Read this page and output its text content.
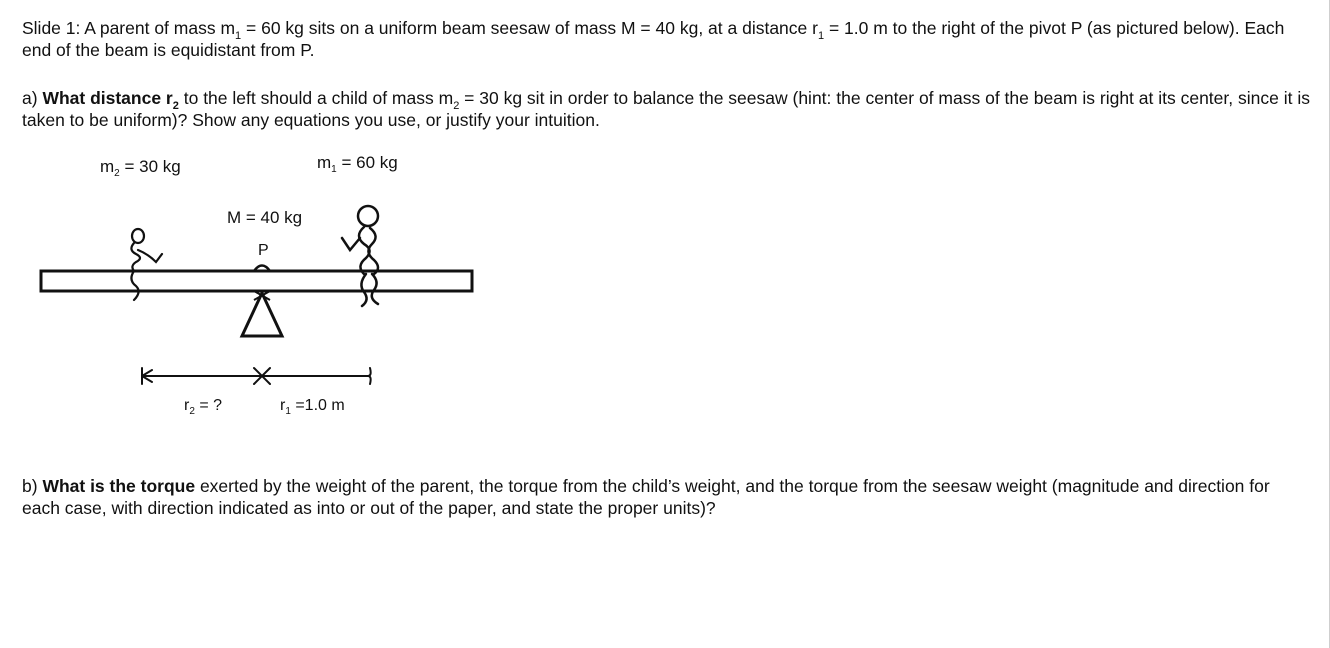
Slide 1: A parent of mass $m_1 = 60$ kg sits on a uniform beam seesaw of mass M = 40 kg, at a distance $r_1 = 1.0$ m to the right of the pivot P (as pictured below). Each end of the beam is equidistant from P.
a) What distance $r_2$ to the left should a child of mass $m_2 = 30$ kg sit in order to balance the seesaw (hint: the center of mass of the beam is right at its center, since it is taken to be uniform)? Show any equations you use, or justify your intuition.
$m_2 = 30$ kg	$m_1 = 60$ kg
M = 40 kg
P
$r_2$ = ?	$r_1 =1.0$ m
b) What is the torque exerted by the weight of the parent, the torque from the child’s weight, and the torque from the seesaw weight (magnitude and direction for each case, with direction indicated as into or out of the paper, and state the proper units)?
